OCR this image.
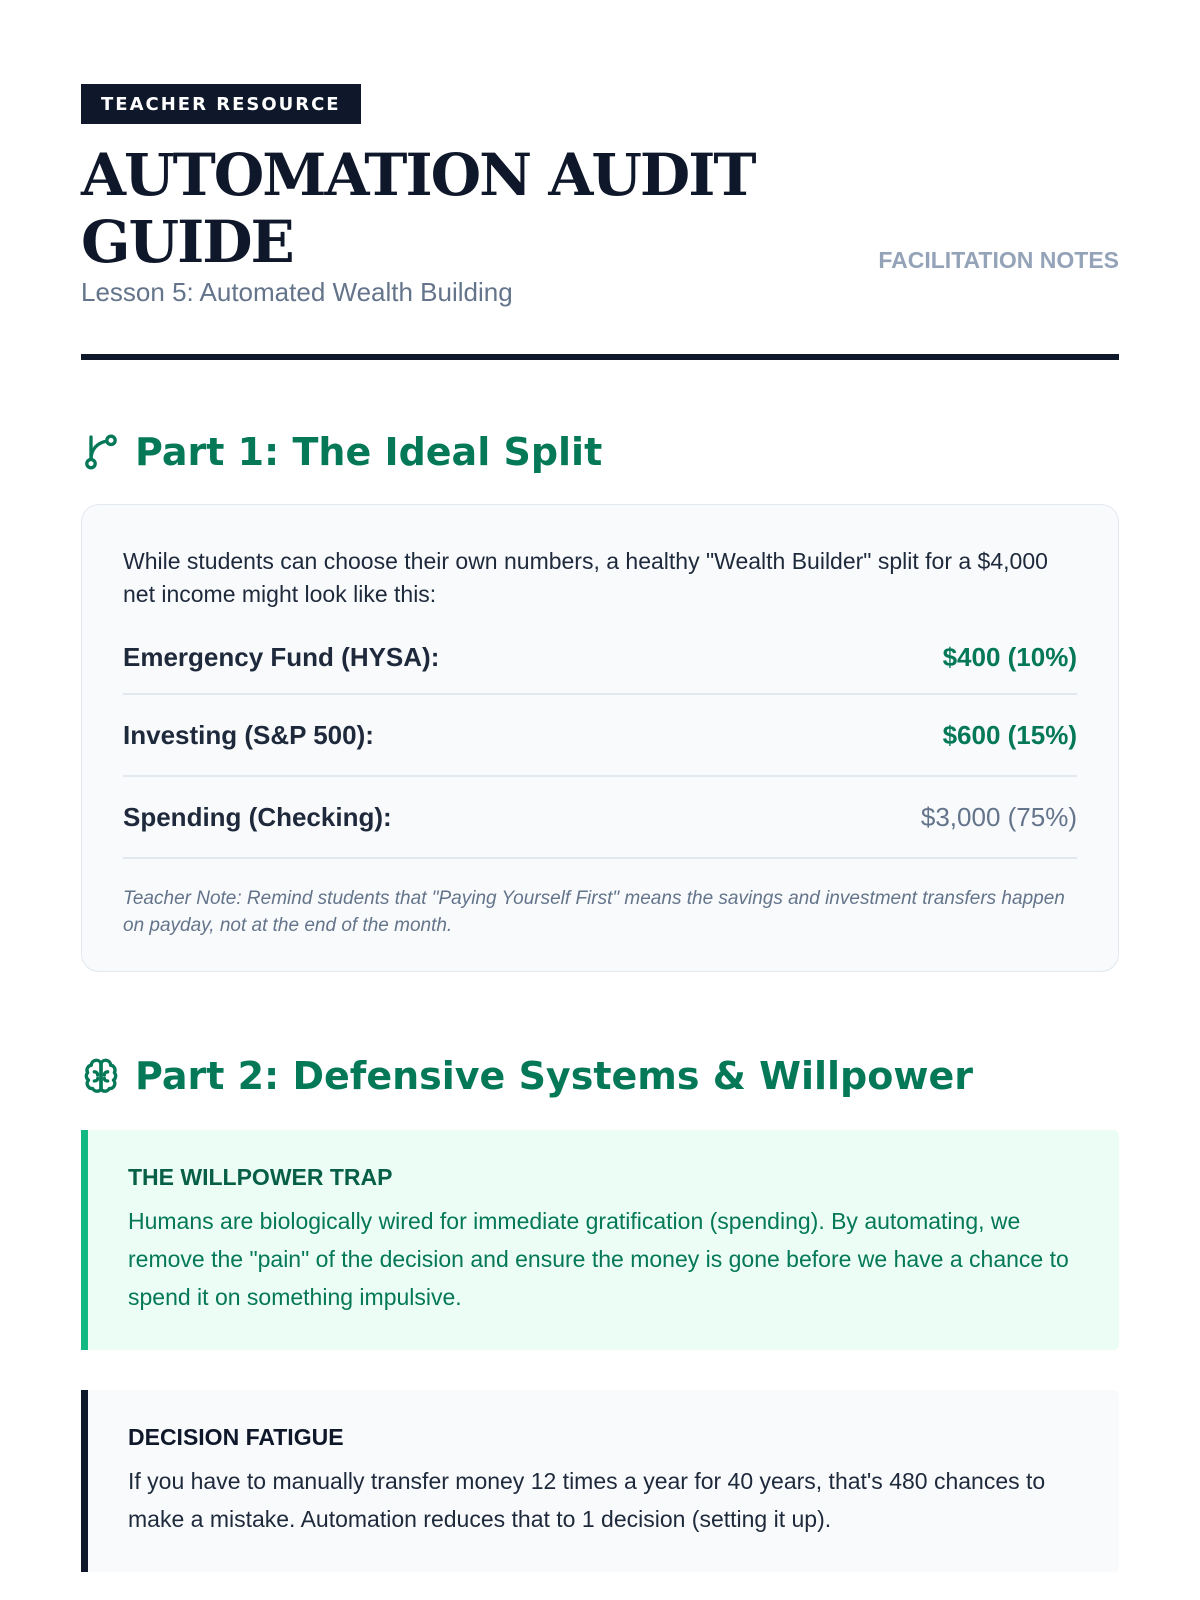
TEACHER RESOURCE
AUTOMATION AUDIT GUIDE
Lesson 5: Automated Wealth Building
FACILITATION NOTES
Part 1: The Ideal Split

While students can choose their own numbers, a healthy "Wealth Builder" split for a $4,000 net income might look like this:

Emergency Fund (HYSA):	$400 (10%)
Investing (S&P 500):	$600 (15%)
Spending (Checking):	$3,000 (75%)

Teacher Note: Remind students that "Paying Yourself First" means the savings and investment transfers happen on payday, not at the end of the month.

Part 2: Defensive Systems & Willpower
THE WILLPOWER TRAP

Humans are biologically wired for immediate gratification (spending). By automating, we remove the "pain" of the decision and ensure the money is gone before we have a chance to spend it on something impulsive.

DECISION FATIGUE

If you have to manually transfer money 12 times a year for 40 years, that's 480 chances to make a mistake. Automation reduces that to 1 decision (setting it up).
